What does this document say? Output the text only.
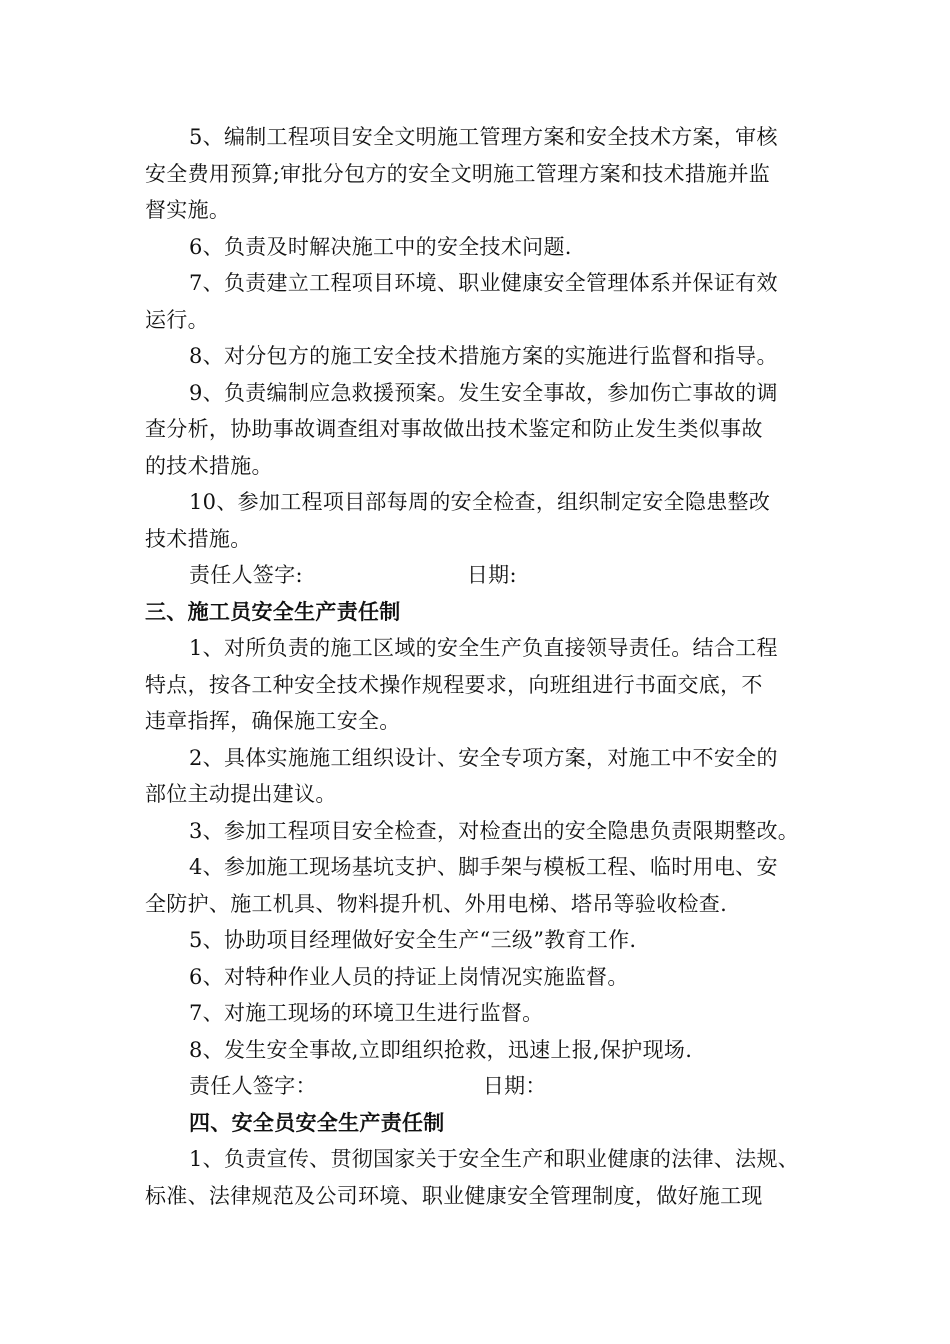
5、编制工程项目安全文明施工管理方案和安全技术方案，审核
安全费用预算;审批分包方的安全文明施工管理方案和技术措施并监
督实施。
6、负责及时解决施工中的安全技术问题.
7、负责建立工程项目环境、职业健康安全管理体系并保证有效
运行。
8、对分包方的施工安全技术措施方案的实施进行监督和指导。
9、负责编制应急救援预案。发生安全事故，参加伤亡事故的调
查分析，协助事故调查组对事故做出技术鉴定和防止发生类似事故
的技术措施。
10、参加工程项目部每周的安全检查，组织制定安全隐患整改
技术措施。
责任人签字:	日期:
三、施工员安全生产责任制
1、对所负责的施工区域的安全生产负直接领导责任。结合工程
特点，按各工种安全技术操作规程要求，向班组进行书面交底，不
违章指挥，确保施工安全。
2、具体实施施工组织设计、安全专项方案，对施工中不安全的
部位主动提出建议。
3、参加工程项目安全检查，对检查出的安全隐患负责限期整改。
4、参加施工现场基坑支护、脚手架与模板工程、临时用电、安
全防护、施工机具、物料提升机、外用电梯、塔吊等验收检查.
5、协助项目经理做好安全生产“三级”教育工作.
6、对特种作业人员的持证上岗情况实施监督。
7、对施工现场的环境卫生进行监督。
8、发生安全事故,立即组织抢救，迅速上报,保护现场.
责任人签字：	日期：
四、安全员安全生产责任制
1、负责宣传、贯彻国家关于安全生产和职业健康的法律、法规、
标准、法律规范及公司环境、职业健康安全管理制度，做好施工现
